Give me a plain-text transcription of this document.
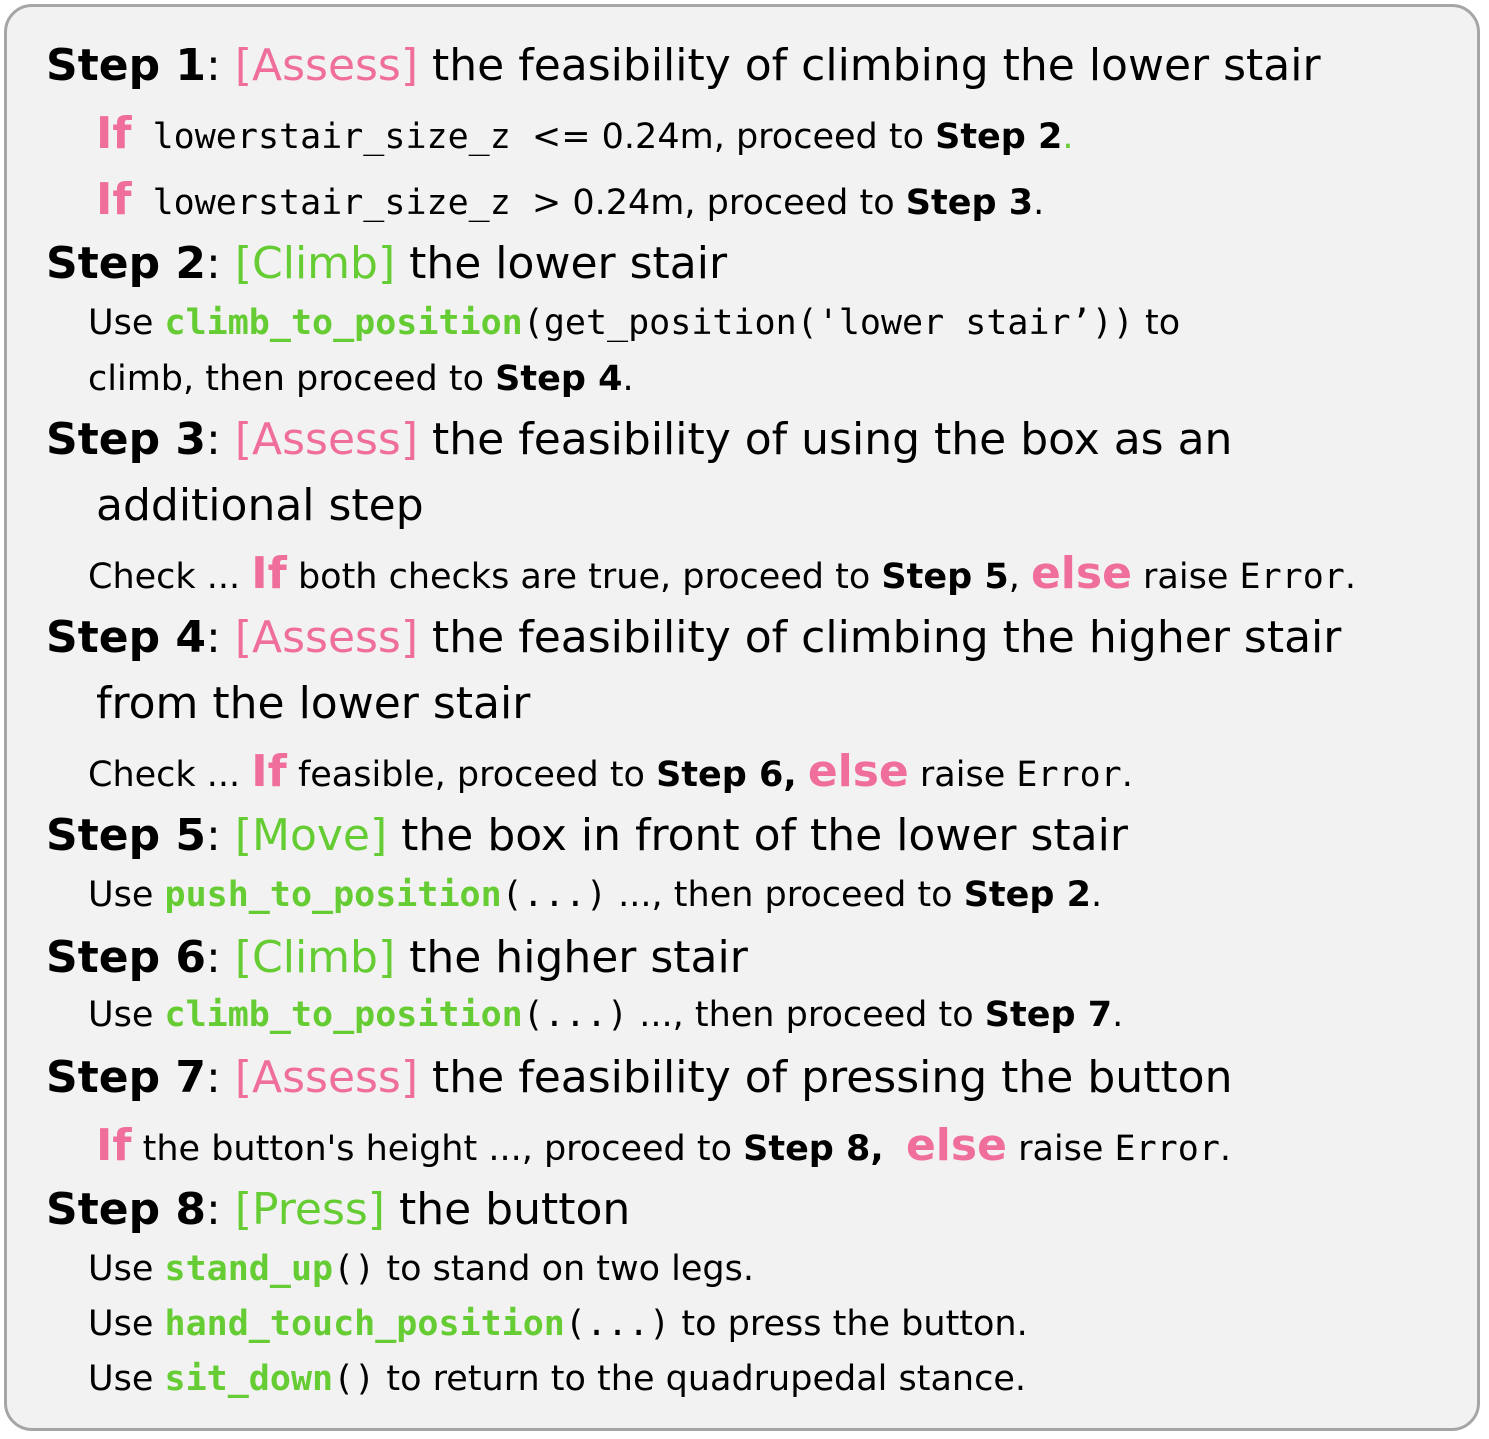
Step 1: [Assess] the feasibility of climbing the lower stair
If lowerstair_size_z <= 0.24m, proceed to Step 2.
If lowerstair_size_z > 0.24m, proceed to Step 3.
Step 2: [Climb] the lower stair
Use climb_to_position(get_position('lower stair’)) to
climb, then proceed to Step 4.
Step 3: [Assess] the feasibility of using the box as an
additional step
Check ... If both checks are true, proceed to Step 5, else raise Error.
Step 4: [Assess] the feasibility of climbing the higher stair
from the lower stair
Check ... If feasible, proceed to Step 6, else raise Error.
Step 5: [Move] the box in front of the lower stair
Use push_to_position(...) ..., then proceed to Step 2.
Step 6: [Climb] the higher stair
Use climb_to_position(...) ..., then proceed to Step 7.
Step 7: [Assess] the feasibility of pressing the button
If the button's height ..., proceed to Step 8, else raise Error.
Step 8: [Press] the button
Use stand_up() to stand on two legs.
Use hand_touch_position(...) to press the button.
Use sit_down() to return to the quadrupedal stance.
